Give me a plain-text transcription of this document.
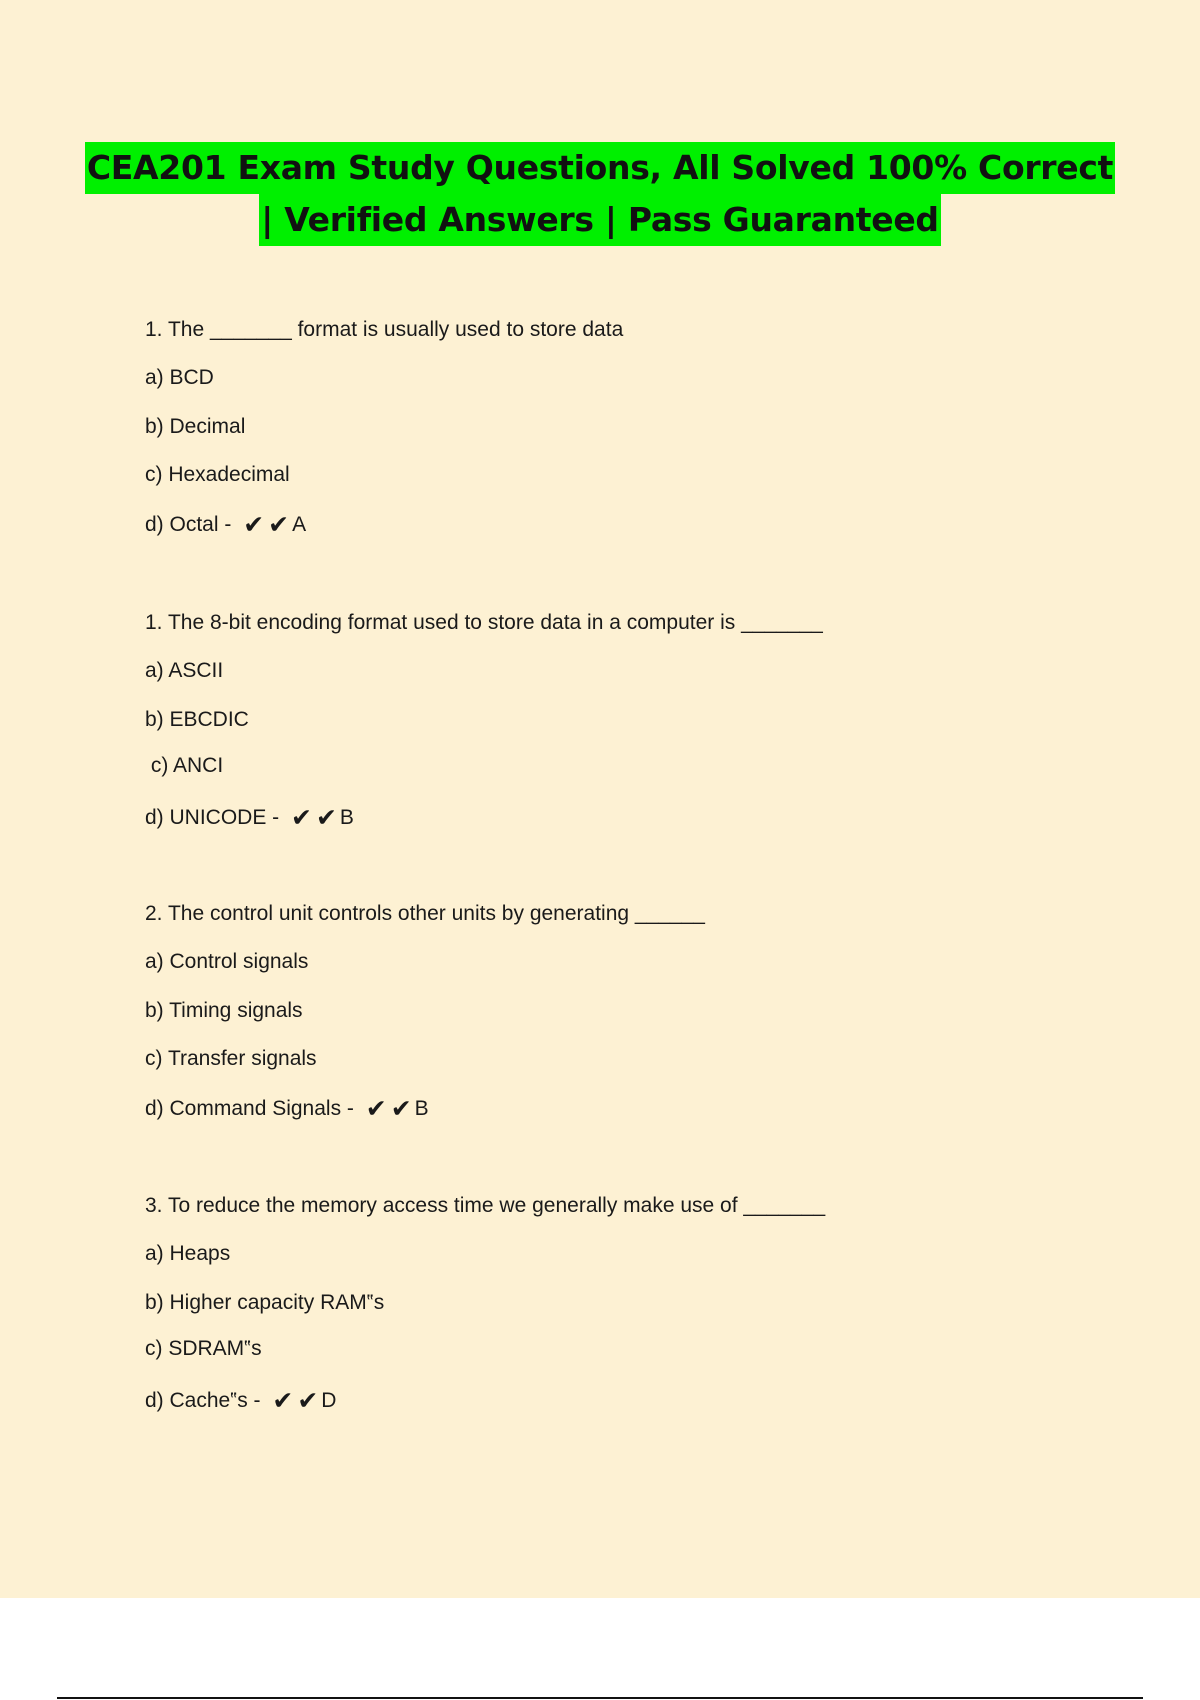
CEA201 Exam Study Questions, All Solved 100% Correct
| Verified Answers | Pass Guaranteed
1. The _______ format is usually used to store data
a) BCD
b) Decimal
c) Hexadecimal
d) Octal - ✔ ✔ A
1. The 8-bit encoding format used to store data in a computer is _______
a) ASCII
b) EBCDIC
c) ANCI
d) UNICODE - ✔ ✔ B
2. The control unit controls other units by generating ______
a) Control signals
b) Timing signals
c) Transfer signals
d) Command Signals - ✔ ✔ B
3. To reduce the memory access time we generally make use of _______
a) Heaps
b) Higher capacity RAM‟s
c) SDRAM‟s
d) Cache‟s - ✔ ✔ D
